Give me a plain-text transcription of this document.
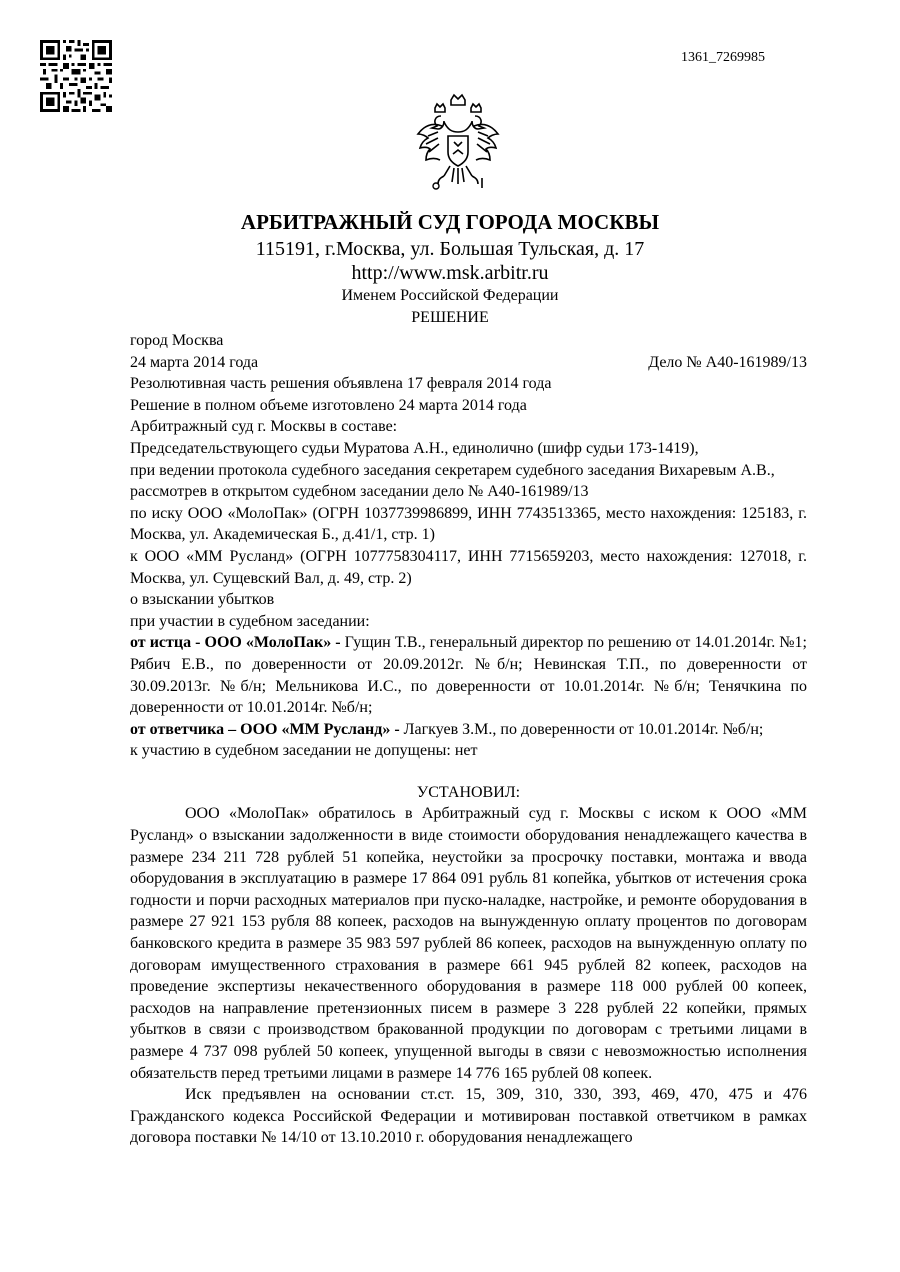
1361_7269985
АРБИТРАЖНЫЙ СУД ГОРОДА МОСКВЫ
115191, г.Москва, ул. Большая Тульская, д. 17
http://www.msk.arbitr.ru
Именем Российской Федерации
РЕШЕНИЕ

город Москва

24 марта 2014 года	Дело № А40-161989/13

Резолютивная часть решения объявлена 17 февраля 2014 года

Решение в полном объеме изготовлено 24 марта 2014 года

Арбитражный суд г. Москвы в составе:

Председательствующего судьи Муратова А.Н., единолично (шифр судьи 173-1419),

при ведении протокола судебного заседания секретарем судебного заседания Вихаревым А.В.,

рассмотрев в открытом судебном заседании дело № А40-161989/13

по иску ООО «МолоПак» (ОГРН 1037739986899, ИНН 7743513365, место нахождения: 125183, г. Москва, ул. Академическая Б., д.41/1, стр. 1)

к ООО «ММ Русланд» (ОГРН 1077758304117, ИНН 7715659203, место нахождения: 127018, г. Москва, ул. Сущевский Вал, д. 49, стр. 2)

о взыскании убытков

при участии в судебном заседании:

от истца - ООО «МолоПак» - Гущин Т.В., генеральный директор по решению от 14.01.2014г. №1; Рябич Е.В., по доверенности от 20.09.2012г. №б/н; Невинская Т.П., по доверенности от 30.09.2013г. №б/н; Мельникова И.С., по доверенности от 10.01.2014г. №б/н; Тенячкина по доверенности от 10.01.2014г. №б/н;

от ответчика – ООО «ММ Русланд» - Лагкуев З.М., по доверенности от 10.01.2014г. №б/н;

к участию в судебном заседании не допущены: нет

УСТАНОВИЛ:

ООО «МолоПак» обратилось в Арбитражный суд г. Москвы с иском к ООО «ММ Русланд» о взыскании задолженности в виде стоимости оборудования ненадлежащего качества в размере 234 211 728 рублей 51 копейка, неустойки за просрочку поставки, монтажа и ввода оборудования в эксплуатацию в размере 17 864 091 рубль 81 копейка, убытков от истечения срока годности и порчи расходных материалов при пуско-наладке, настройке, и ремонте оборудования в размере 27 921 153 рубля 88 копеек, расходов на вынужденную оплату процентов по договорам банковского кредита в размере 35 983 597 рублей 86 копеек, расходов на вынужденную оплату по договорам имущественного страхования в размере 661 945 рублей 82 копеек, расходов на проведение экспертизы некачественного оборудования в размере 118 000 рублей 00 копеек, расходов на направление претензионных писем в размере 3 228 рублей 22 копейки, прямых убытков в связи с производством бракованной продукции по договорам с третьими лицами в размере 4 737 098 рублей 50 копеек, упущенной выгоды в связи с невозможностью исполнения обязательств перед третьими лицами в размере 14 776 165 рублей 08 копеек.

Иск предъявлен на основании ст.ст. 15, 309, 310, 330, 393, 469, 470, 475 и 476 Гражданского кодекса Российской Федерации и мотивирован поставкой ответчиком в рамках договора поставки № 14/10 от 13.10.2010 г. оборудования ненадлежащего
